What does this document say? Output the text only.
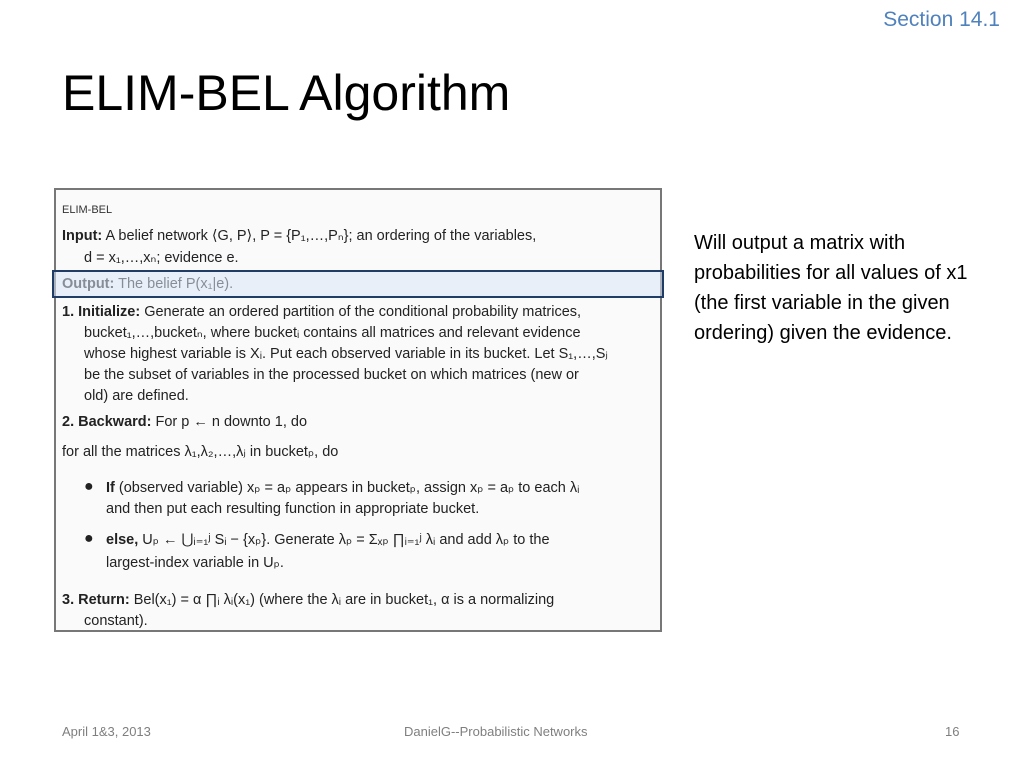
Section 14.1
ELIM-BEL Algorithm
ELIM-BEL
Input: A belief network ⟨G, P⟩, P = {P₁,…,Pₙ}; an ordering of the variables,
d = x₁,…,xₙ; evidence e.
1. Initialize: Generate an ordered partition of the conditional probability matrices,
bucket₁,…,bucketₙ, where bucketᵢ contains all matrices and relevant evidence
whose highest variable is Xᵢ. Put each observed variable in its bucket. Let S₁,…,Sⱼ
be the subset of variables in the processed bucket on which matrices (new or
old) are defined.
2. Backward: For p ← n downto 1, do
for all the matrices λ₁,λ₂,…,λⱼ in bucketₚ, do
● If (observed variable) xₚ = aₚ appears in bucketₚ, assign xₚ = aₚ to each λᵢ
and then put each resulting function in appropriate bucket.
● else, Uₚ ← ⋃ᵢ₌₁ʲ Sᵢ − {xₚ}. Generate λₚ = Σₓₚ ∏ᵢ₌₁ʲ λᵢ and add λₚ to the
largest-index variable in Uₚ.
3. Return: Bel(x₁) = α ∏ᵢ λᵢ(x₁) (where the λᵢ are in bucket₁, α is a normalizing
constant).

Will output a matrix with probabilities for all values of x1 (the first variable in the given ordering) given the evidence.

April 1&3, 2013	DanielG--Probabilistic Networks	16
